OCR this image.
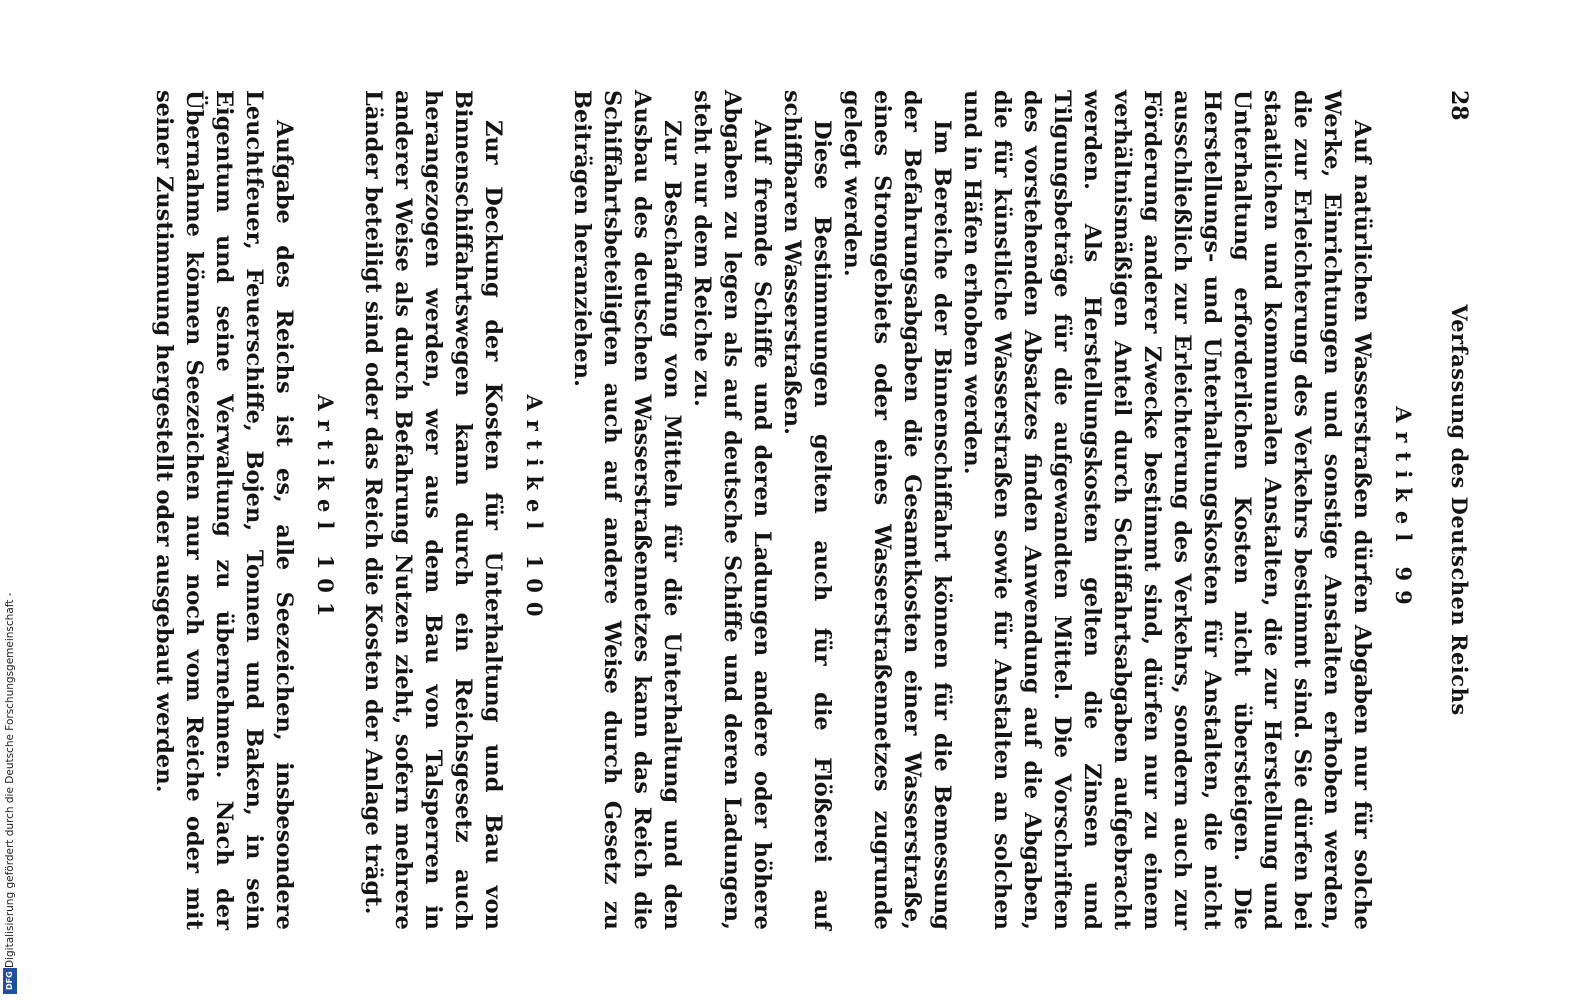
Digitalisierung gefördert durch die Deutsche Forschungsgemeinschaft -
DFG
28
Verfassung des Deutschen Reichs
Artikel 99

Auf natürlichen Wasserstraßen dürfen Abgaben nur für solche Werke, Einrichtungen und sonstige Anstalten erhoben werden, die zur Erleichterung des Verkehrs bestimmt sind. Sie dürfen bei staatlichen und kommunalen Anstalten, die zur Herstellung und Unterhaltung erforderlichen Kosten nicht übersteigen. Die Herstellungs- und Unterhaltungskosten für Anstalten, die nicht ausschließlich zur Erleichterung des Verkehrs, sondern auch zur Förderung anderer Zwecke bestimmt sind, dürfen nur zu einem verhältnismäßigen Anteil durch Schiffahrtsabgaben aufgebracht werden. Als Herstellungskosten gelten die Zinsen und Tilgungsbeträge für die aufgewandten Mittel. Die Vorschriften des vorstehenden Absatzes finden Anwendung auf die Abgaben, die für künstliche Wasserstraßen sowie für Anstalten an solchen und in Häfen erhoben werden.

Im Bereiche der Binnenschiffahrt können für die Bemessung der Befahrungsabgaben die Gesamtkosten einer Wasserstraße, eines Stromgebiets oder eines Wasserstraßennetzes zugrunde gelegt werden.

Diese Bestimmungen gelten auch für die Flößerei auf schiffbaren Wasserstraßen.

Auf fremde Schiffe und deren Ladungen andere oder höhere Abgaben zu legen als auf deutsche Schiffe und deren Ladungen, steht nur dem Reiche zu.

Zur Beschaffung von Mitteln für die Unterhaltung und den Ausbau des deutschen Wasserstraßennetzes kann das Reich die Schiffahrtsbeteiligten auch auf andere Weise durch Gesetz zu Beiträgen heranziehen.

Artikel 100

Zur Deckung der Kosten für Unterhaltung und Bau von Binnenschiffahrtswegen kann durch ein Reichsgesetz auch herangezogen werden, wer aus dem Bau von Talsperren in anderer Weise als durch Befahrung Nutzen zieht, sofern mehrere Länder beteiligt sind oder das Reich die Kosten der Anlage trägt.

Artikel 101

Aufgabe des Reichs ist es, alle Seezeichen, insbesondere Leuchtfeuer, Feuerschiffe, Bojen, Tonnen und Baken, in sein Eigentum und seine Verwaltung zu übernehmen. Nach der Übernahme können Seezeichen nur noch vom Reiche oder mit seiner Zustimmung hergestellt oder ausgebaut werden.
